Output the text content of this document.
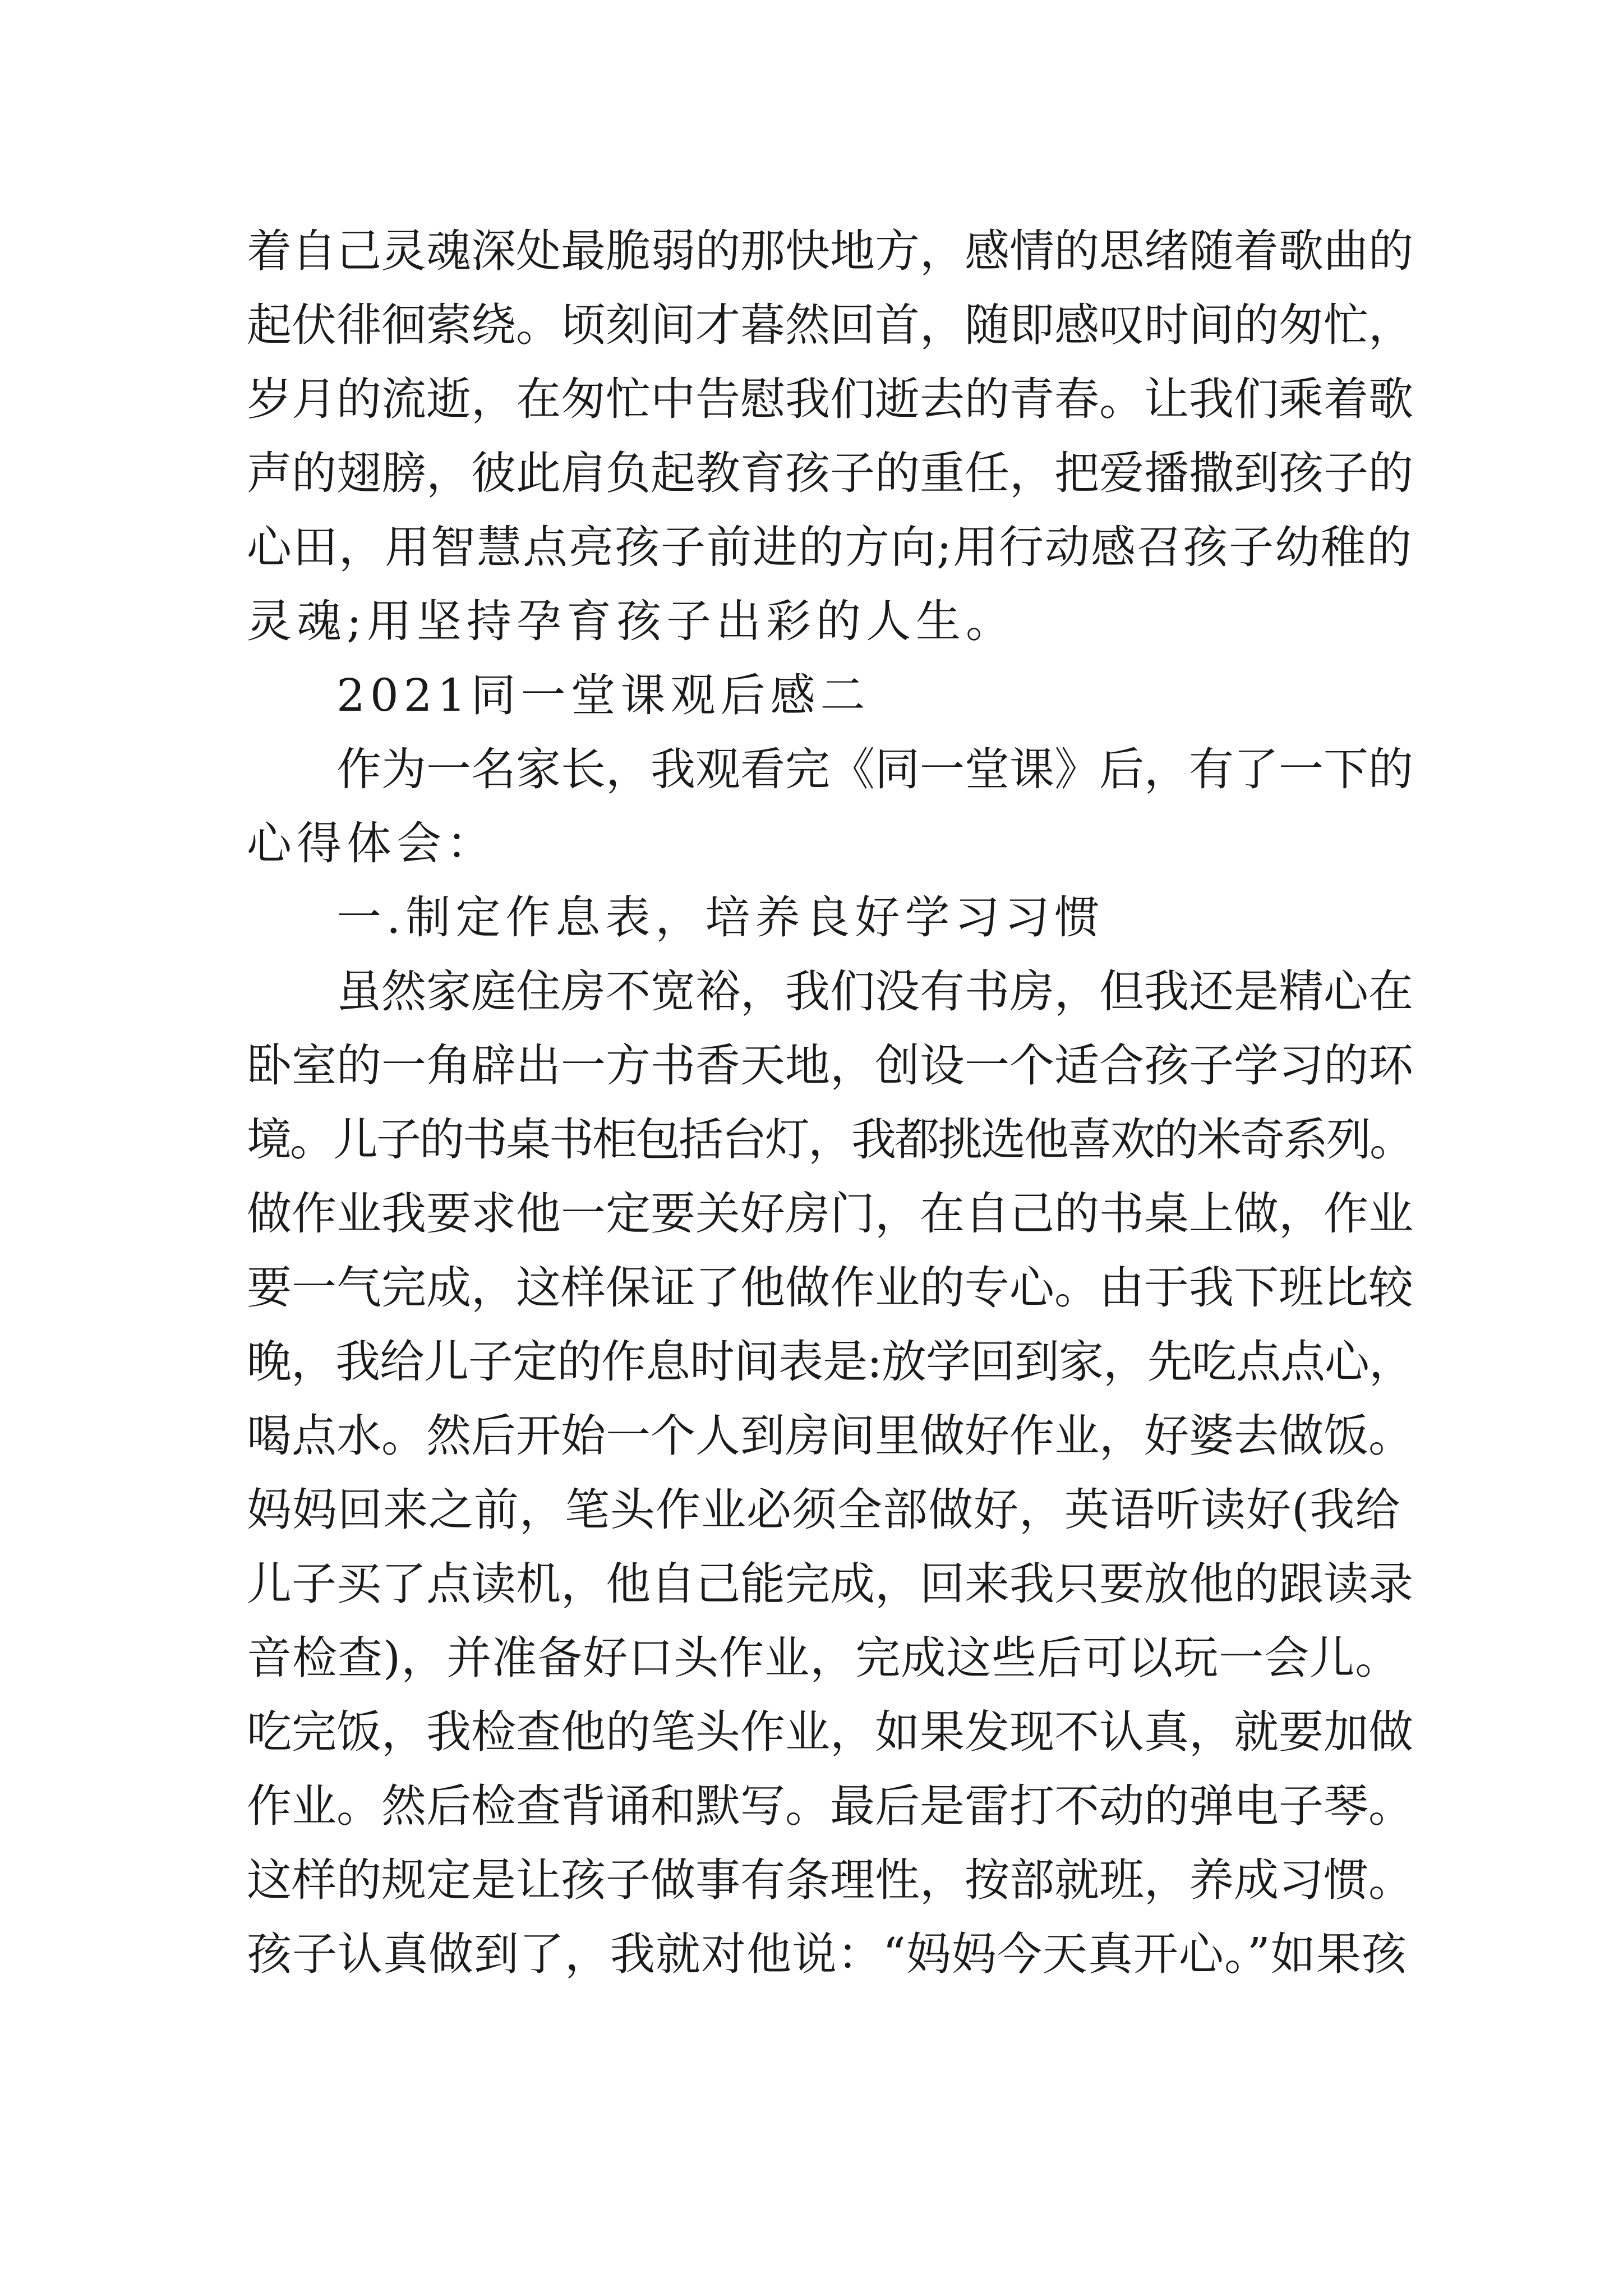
着自己灵魂深处最脆弱的那快地方，感情的思绪随着歌曲的

起伏徘徊萦绕。顷刻间才暮然回首，随即感叹时间的匆忙，

岁月的流逝，在匆忙中告慰我们逝去的青春。让我们乘着歌

声的翅膀，彼此肩负起教育孩子的重任，把爱播撒到孩子的

心田，用智慧点亮孩子前进的方向;用行动感召孩子幼稚的

灵魂;用坚持孕育孩子出彩的人生。

2021同一堂课观后感二

作为一名家长，我观看完《同一堂课》后，有了一下的

心得体会：

一.制定作息表，培养良好学习习惯

虽然家庭住房不宽裕，我们没有书房，但我还是精心在

卧室的一角辟出一方书香天地，创设一个适合孩子学习的环

境。儿子的书桌书柜包括台灯，我都挑选他喜欢的米奇系列。

做作业我要求他一定要关好房门，在自己的书桌上做，作业

要一气完成，这样保证了他做作业的专心。由于我下班比较

晚，我给儿子定的作息时间表是:放学回到家，先吃点点心，

喝点水。然后开始一个人到房间里做好作业，好婆去做饭。

妈妈回来之前，笔头作业必须全部做好，英语听读好(我给

儿子买了点读机，他自己能完成，回来我只要放他的跟读录

音检查)，并准备好口头作业，完成这些后可以玩一会儿。

吃完饭，我检查他的笔头作业，如果发现不认真，就要加做

作业。然后检查背诵和默写。最后是雷打不动的弹电子琴。

这样的规定是让孩子做事有条理性，按部就班，养成习惯。

孩子认真做到了，我就对他说：“妈妈今天真开心。”如果孩
